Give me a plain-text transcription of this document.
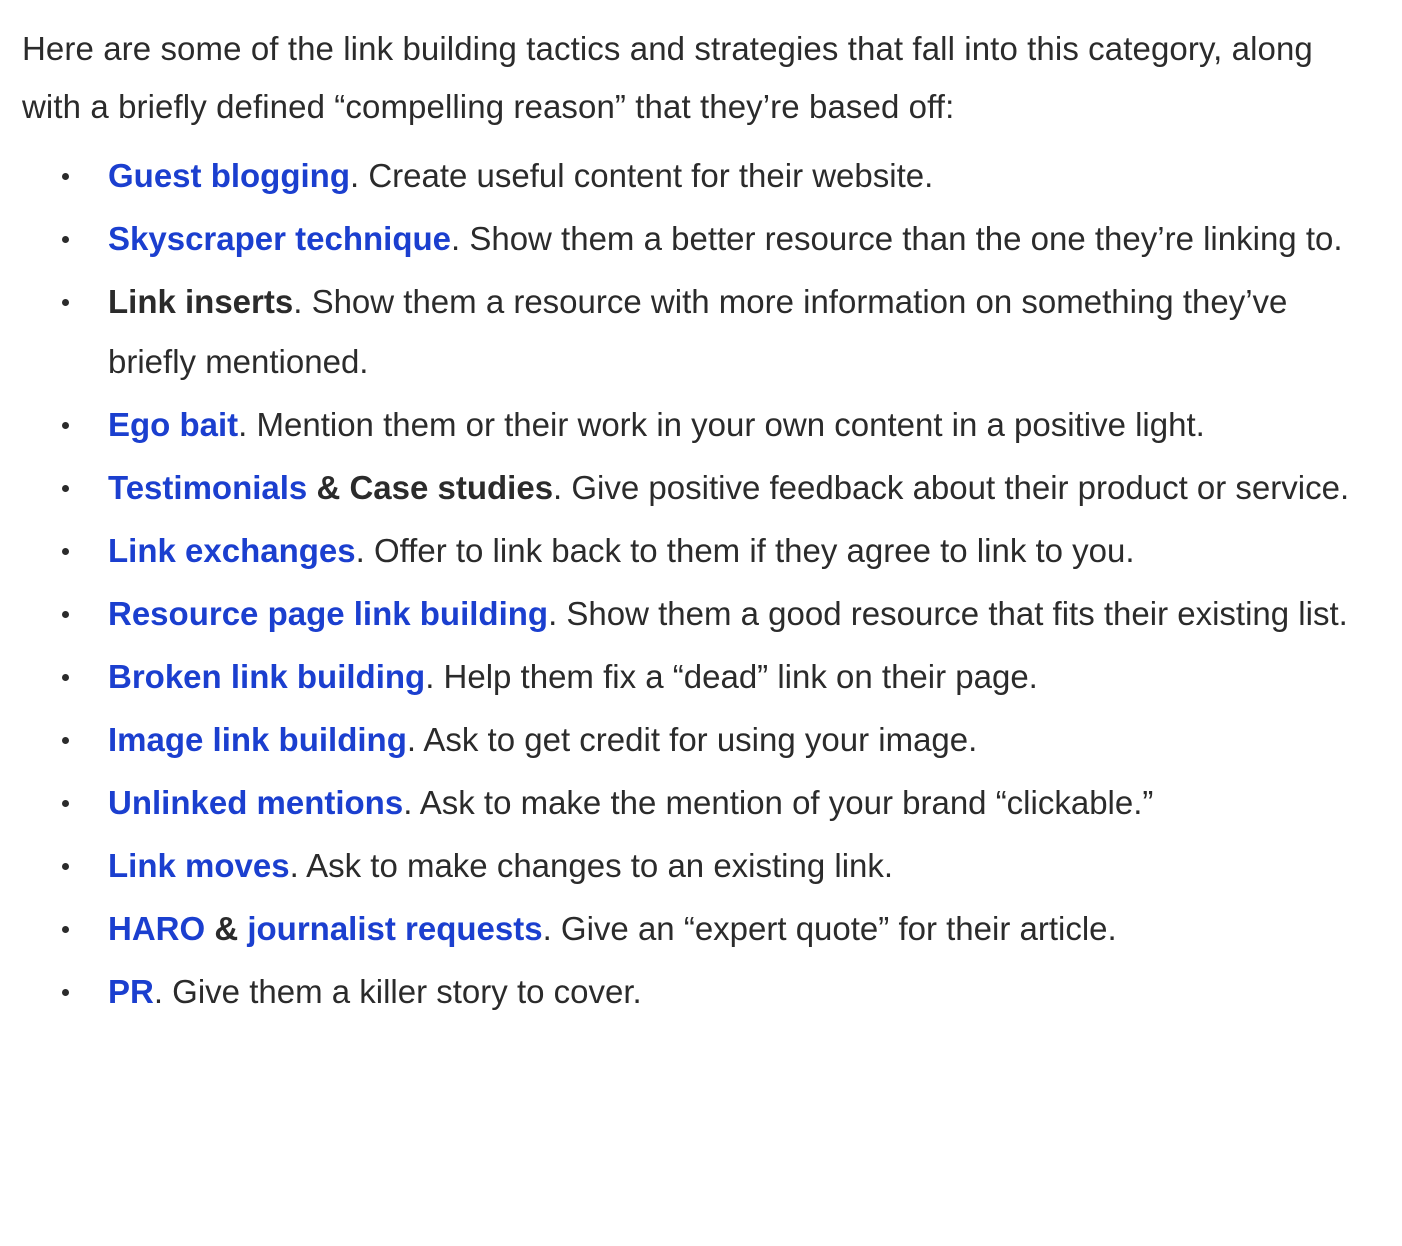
Here are some of the link building tactics and strategies that fall into this category, along with a briefly defined “compelling reason” that they’re based off:

Guest blogging. Create useful content for their website.
Skyscraper technique. Show them a better resource than the one they’re linking to.
Link inserts. Show them a resource with more information on something they’ve briefly mentioned.
Ego bait. Mention them or their work in your own content in a positive light.
Testimonials & Case studies. Give positive feedback about their product or service.
Link exchanges. Offer to link back to them if they agree to link to you.
Resource page link building. Show them a good resource that fits their existing list.
Broken link building. Help them fix a “dead” link on their page.
Image link building. Ask to get credit for using your image.
Unlinked mentions. Ask to make the mention of your brand “clickable.”
Link moves. Ask to make changes to an existing link.
HARO & journalist requests. Give an “expert quote” for their article.
PR. Give them a killer story to cover.
